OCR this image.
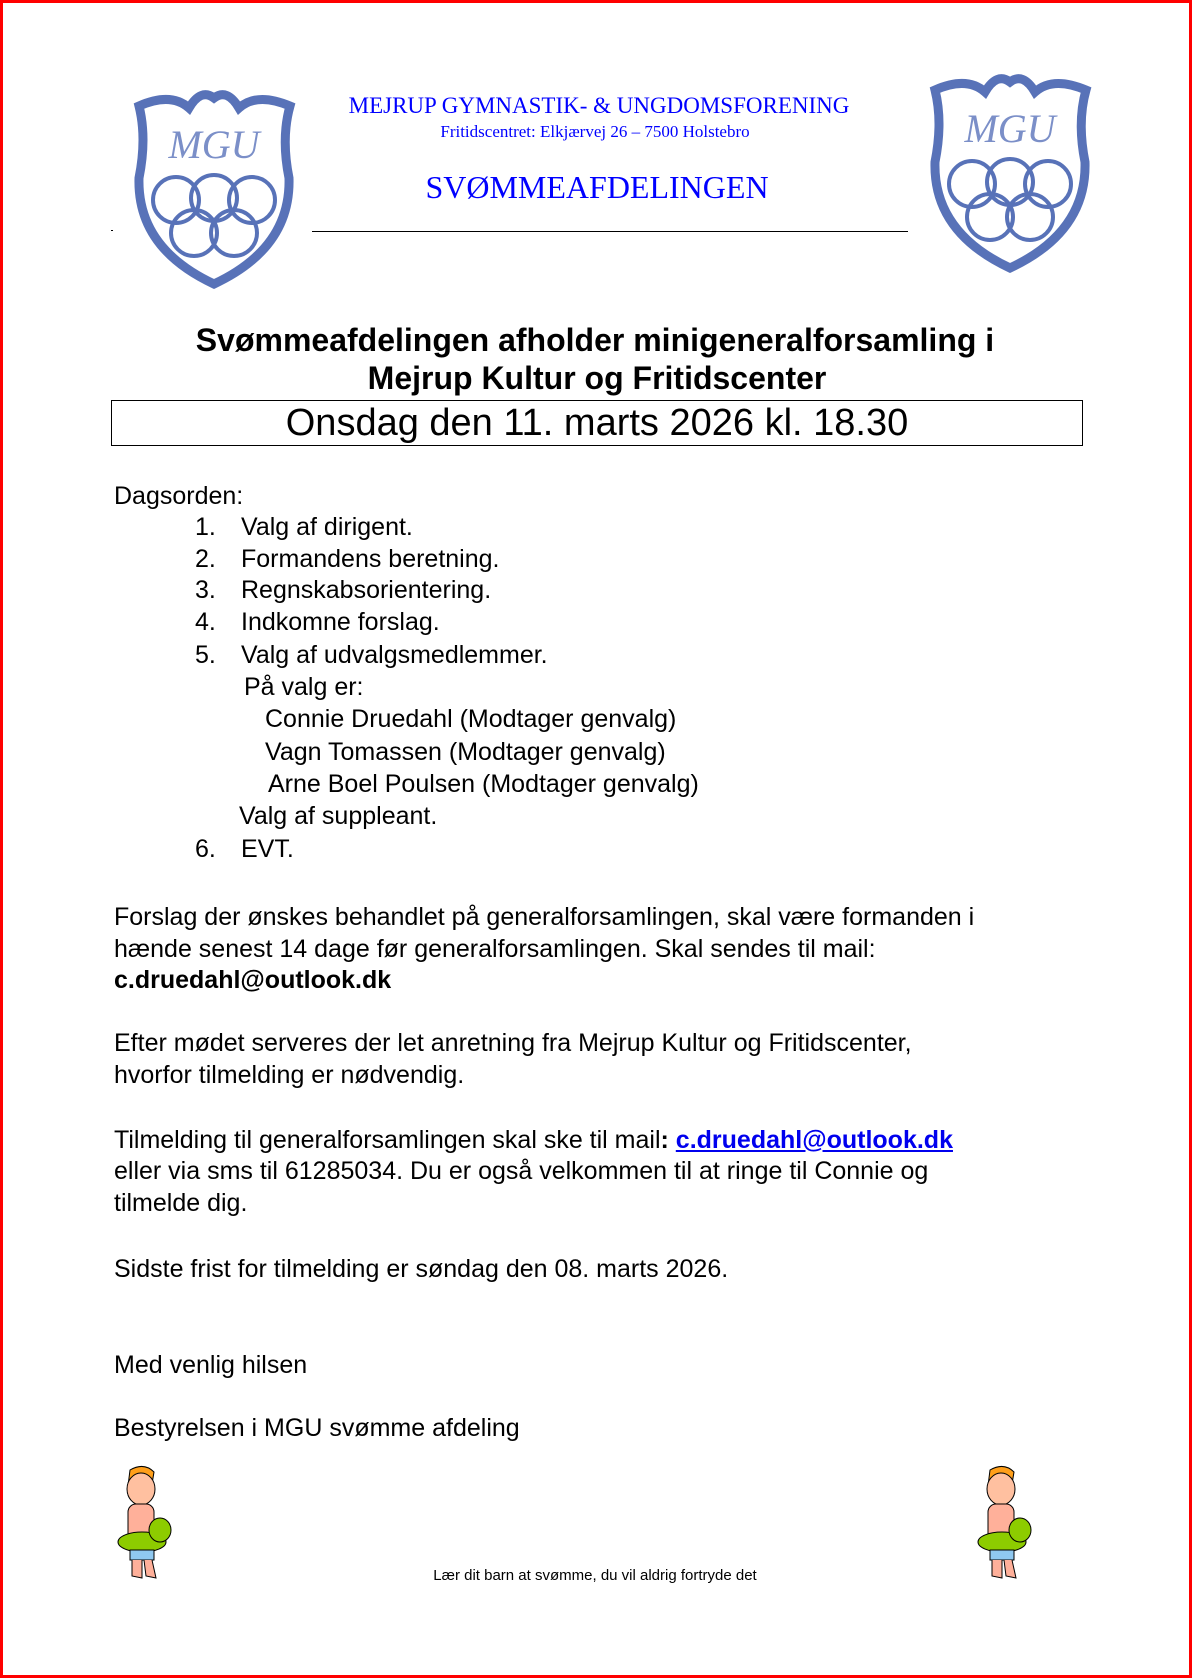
MGU	MGU
MEJRUP GYMNASTIK- & UNGDOMSFORENING
Fritidscentret: Elkjærvej 26 – 7500 Holstebro
SVØMMEAFDELINGEN
Svømmeafdelingen afholder minigeneralforsamling i
Mejrup Kultur og Fritidscenter
Onsdag den 11. marts 2026 kl. 18.30
Dagsorden:
1. Valg af dirigent.
2. Formandens beretning.
3. Regnskabsorientering.
4. Indkomne forslag.
5. Valg af udvalgsmedlemmer.
På valg er:
Connie Druedahl (Modtager genvalg)
Vagn Tomassen (Modtager genvalg)
Arne Boel Poulsen (Modtager genvalg)
Valg af suppleant.
6. EVT.
Forslag der ønskes behandlet på generalforsamlingen, skal være formanden i
hænde senest 14 dage før generalforsamlingen. Skal sendes til mail:
c.druedahl@outlook.dk
Efter mødet serveres der let anretning fra Mejrup Kultur og Fritidscenter,
hvorfor tilmelding er nødvendig.
Tilmelding til generalforsamlingen skal ske til mail: c.druedahl@outlook.dk
eller via sms til 61285034. Du er også velkommen til at ringe til Connie og
tilmelde dig.
Sidste frist for tilmelding er søndag den 08. marts 2026.
Med venlig hilsen
Bestyrelsen i MGU svømme afdeling
Lær dit barn at svømme, du vil aldrig fortryde det
